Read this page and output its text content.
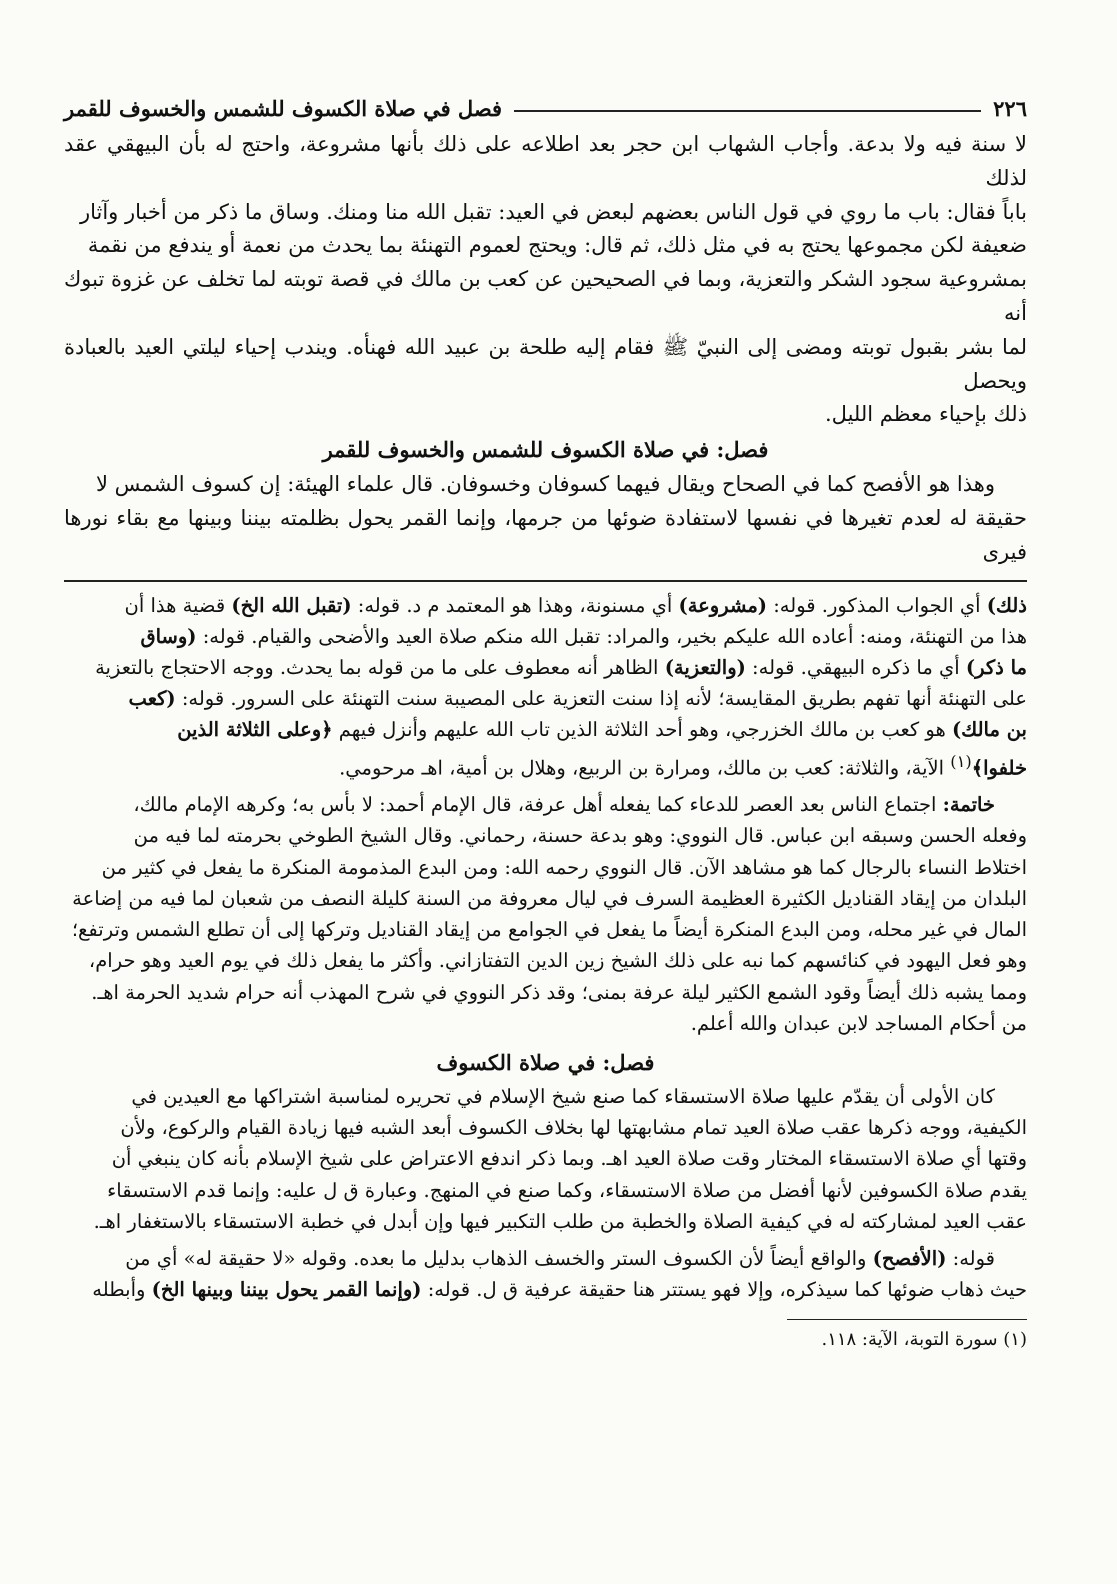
٢٢٦
فصل في صلاة الكسوف للشمس والخسوف للقمر

لا سنة فيه ولا بدعة. وأجاب الشهاب ابن حجر بعد اطلاعه على ذلك بأنها مشروعة، واحتج له بأن البيهقي عقد لذلك

باباً فقال: باب ما روي في قول الناس بعضهم لبعض في العيد: تقبل الله منا ومنك. وساق ما ذكر من أخبار وآثار

ضعيفة لكن مجموعها يحتج به في مثل ذلك، ثم قال: ويحتج لعموم التهنئة بما يحدث من نعمة أو يندفع من نقمة

بمشروعية سجود الشكر والتعزية، وبما في الصحيحين عن كعب بن مالك في قصة توبته لما تخلف عن غزوة تبوك أنه

لما بشر بقبول توبته ومضى إلى النبيّ ﷺ فقام إليه طلحة بن عبيد الله فهنأه. ويندب إحياء ليلتي العيد بالعبادة ويحصل

ذلك بإحياء معظم الليل.

فصل: في صلاة الكسوف للشمس والخسوف للقمر

وهذا هو الأفصح كما في الصحاح ويقال فيهما كسوفان وخسوفان. قال علماء الهيئة: إن كسوف الشمس لا

حقيقة له لعدم تغيرها في نفسها لاستفادة ضوئها من جرمها، وإنما القمر يحول بظلمته بيننا وبينها مع بقاء نورها فيرى

ذلك) أي الجواب المذكور. قوله: (مشروعة) أي مسنونة، وهذا هو المعتمد م د. قوله: (تقبل الله الخ) قضية هذا أن

هذا من التهنئة، ومنه: أعاده الله عليكم بخير، والمراد: تقبل الله منكم صلاة العيد والأضحى والقيام. قوله: (وساق

ما ذكر) أي ما ذكره البيهقي. قوله: (والتعزية) الظاهر أنه معطوف على ما من قوله بما يحدث. ووجه الاحتجاج بالتعزية

على التهنئة أنها تفهم بطريق المقايسة؛ لأنه إذا سنت التعزية على المصيبة سنت التهنئة على السرور. قوله: (كعب

بن مالك) هو كعب بن مالك الخزرجي، وهو أحد الثلاثة الذين تاب الله عليهم وأنزل فيهم ﴿وعلى الثلاثة الذين

خلفوا﴾$^{(١)}$ الآية، والثلاثة: كعب بن مالك، ومرارة بن الربيع، وهلال بن أمية، اهـ مرحومي.

خاتمة: اجتماع الناس بعد العصر للدعاء كما يفعله أهل عرفة، قال الإمام أحمد: لا بأس به؛ وكرهه الإمام مالك،

وفعله الحسن وسبقه ابن عباس. قال النووي: وهو بدعة حسنة، رحماني. وقال الشيخ الطوخي بحرمته لما فيه من

اختلاط النساء بالرجال كما هو مشاهد الآن. قال النووي رحمه الله: ومن البدع المذمومة المنكرة ما يفعل في كثير من

البلدان من إيقاد القناديل الكثيرة العظيمة السرف في ليال معروفة من السنة كليلة النصف من شعبان لما فيه من إضاعة

المال في غير محله، ومن البدع المنكرة أيضاً ما يفعل في الجوامع من إيقاد القناديل وتركها إلى أن تطلع الشمس وترتفع؛

وهو فعل اليهود في كنائسهم كما نبه على ذلك الشيخ زين الدين التفتازاني. وأكثر ما يفعل ذلك في يوم العيد وهو حرام،

ومما يشبه ذلك أيضاً وقود الشمع الكثير ليلة عرفة بمنى؛ وقد ذكر النووي في شرح المهذب أنه حرام شديد الحرمة اهـ.

من أحكام المساجد لابن عبدان والله أعلم.

فصل: في صلاة الكسوف

كان الأولى أن يقدّم عليها صلاة الاستسقاء كما صنع شيخ الإسلام في تحريره لمناسبة اشتراكها مع العيدين في

الكيفية، ووجه ذكرها عقب صلاة العيد تمام مشابهتها لها بخلاف الكسوف أبعد الشبه فيها زيادة القيام والركوع، ولأن

وقتها أي صلاة الاستسقاء المختار وقت صلاة العيد اهـ. وبما ذكر اندفع الاعتراض على شيخ الإسلام بأنه كان ينبغي أن

يقدم صلاة الكسوفين لأنها أفضل من صلاة الاستسقاء، وكما صنع في المنهج. وعبارة ق ل عليه: وإنما قدم الاستسقاء

عقب العيد لمشاركته له في كيفية الصلاة والخطبة من طلب التكبير فيها وإن أبدل في خطبة الاستسقاء بالاستغفار اهـ.

قوله: (الأفصح) والواقع أيضاً لأن الكسوف الستر والخسف الذهاب بدليل ما بعده. وقوله «لا حقيقة له» أي من

حيث ذهاب ضوئها كما سيذكره، وإلا فهو يستتر هنا حقيقة عرفية ق ل. قوله: (وإنما القمر يحول بيننا وبينها الخ) وأبطله

(١) سورة التوبة، الآية: ١١٨.
